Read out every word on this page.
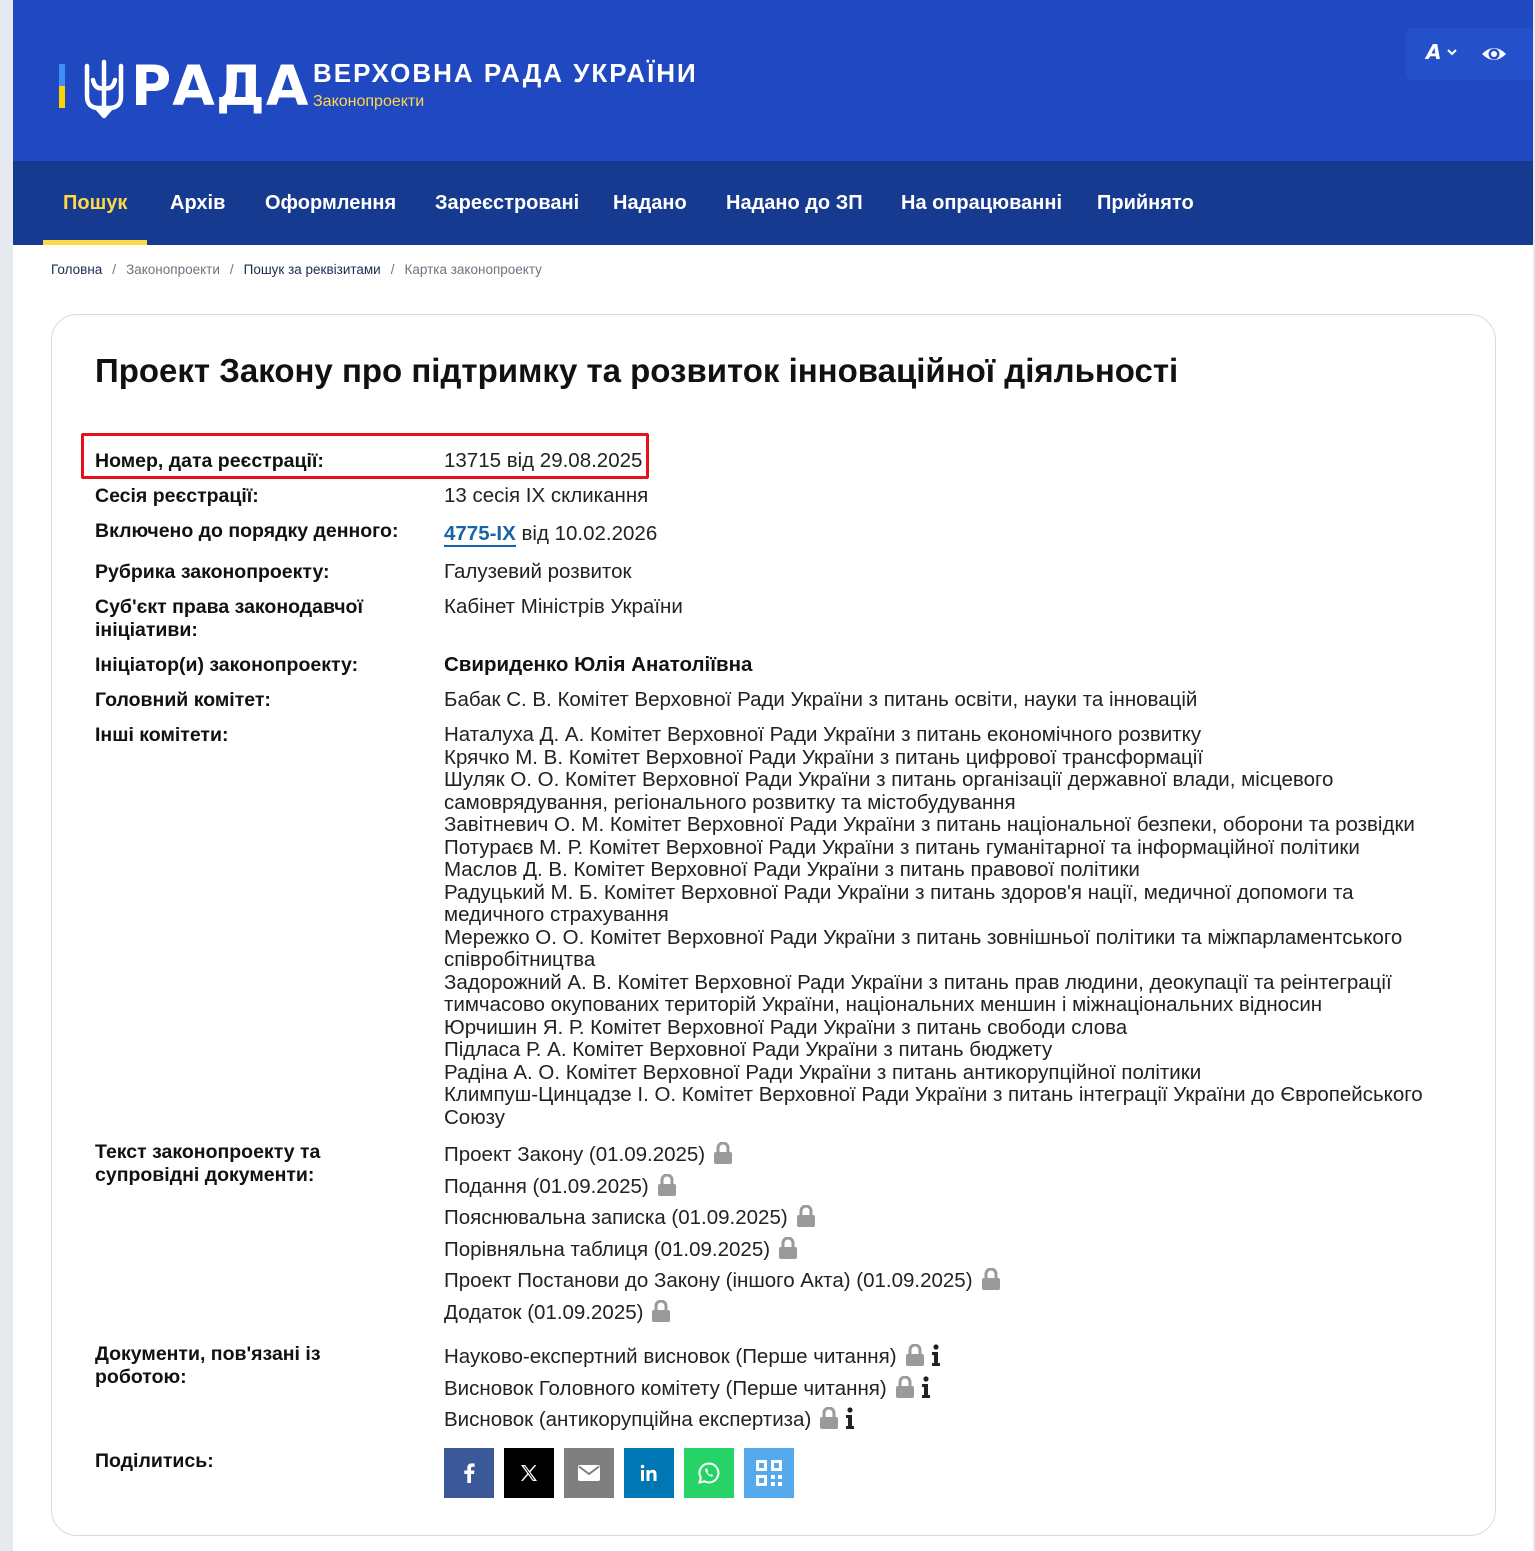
РАДА ВЕРХОВНА РАДА УКРАЇНИ
Законопроекти
A
Пошук	Архів	Оформлення	Зареєстровані	Надано	Надано до ЗП	На опрацюванні	Прийнято
Головна / Законопроекти / Пошук за реквізитами / Картка законопроекту
Проект Закону про підтримку та розвиток інноваційної діяльності
Номер, дата реєстрації:	13715 від 29.08.2025
Сесія реєстрації:	13 сесія IX скликання
Включено до порядку денного:	4775-IX від 10.02.2026
Рубрика законопроекту:	Галузевий розвиток
Суб'єкт права законодавчої ініціативи:
Кабінет Міністрів України
Ініціатор(и) законопроекту:	Свириденко Юлія Анатоліївна
Головний комітет:	Бабак С. В. Комітет Верховної Ради України з питань освіти, науки та інновацій
Інші комітети:	Наталуха Д. А. Комітет Верховної Ради України з питань економічного розвитку
Крячко М. В. Комітет Верховної Ради України з питань цифрової трансформації
Шуляк О. О. Комітет Верховної Ради України з питань організації державної влади, місцевого самоврядування, регіонального розвитку та містобудування
Завітневич О. М. Комітет Верховної Ради України з питань національної безпеки, оборони та розвідки
Потураєв М. Р. Комітет Верховної Ради України з питань гуманітарної та інформаційної політики
Маслов Д. В. Комітет Верховної Ради України з питань правової політики
Радуцький М. Б. Комітет Верховної Ради України з питань здоров'я нації, медичної допомоги та медичного страхування
Мережко О. О. Комітет Верховної Ради України з питань зовнішньої політики та міжпарламентського співробітництва
Задорожний А. В. Комітет Верховної Ради України з питань прав людини, деокупації та реінтеграції тимчасово окупованих територій України, національних меншин і міжнаціональних відносин
Юрчишин Я. Р. Комітет Верховної Ради України з питань свободи слова
Підласа Р. А. Комітет Верховної Ради України з питань бюджету
Радіна А. О. Комітет Верховної Ради України з питань антикорупційної політики
Климпуш-Цинцадзе І. О. Комітет Верховної Ради України з питань інтеграції України до Європейського Союзу
Текст законопроекту та супровідні документи:
Проект Закону (01.09.2025)
Подання (01.09.2025)
Пояснювальна записка (01.09.2025)
Порівняльна таблиця (01.09.2025)
Проект Постанови до Закону (іншого Акта) (01.09.2025)
Додаток (01.09.2025)
Документи, пов'язані із роботою:
Науково-експертний висновок (Перше читання)
Висновок Головного комітету (Перше читання)
Висновок (антикорупційна експертиза)
Поділитись:
